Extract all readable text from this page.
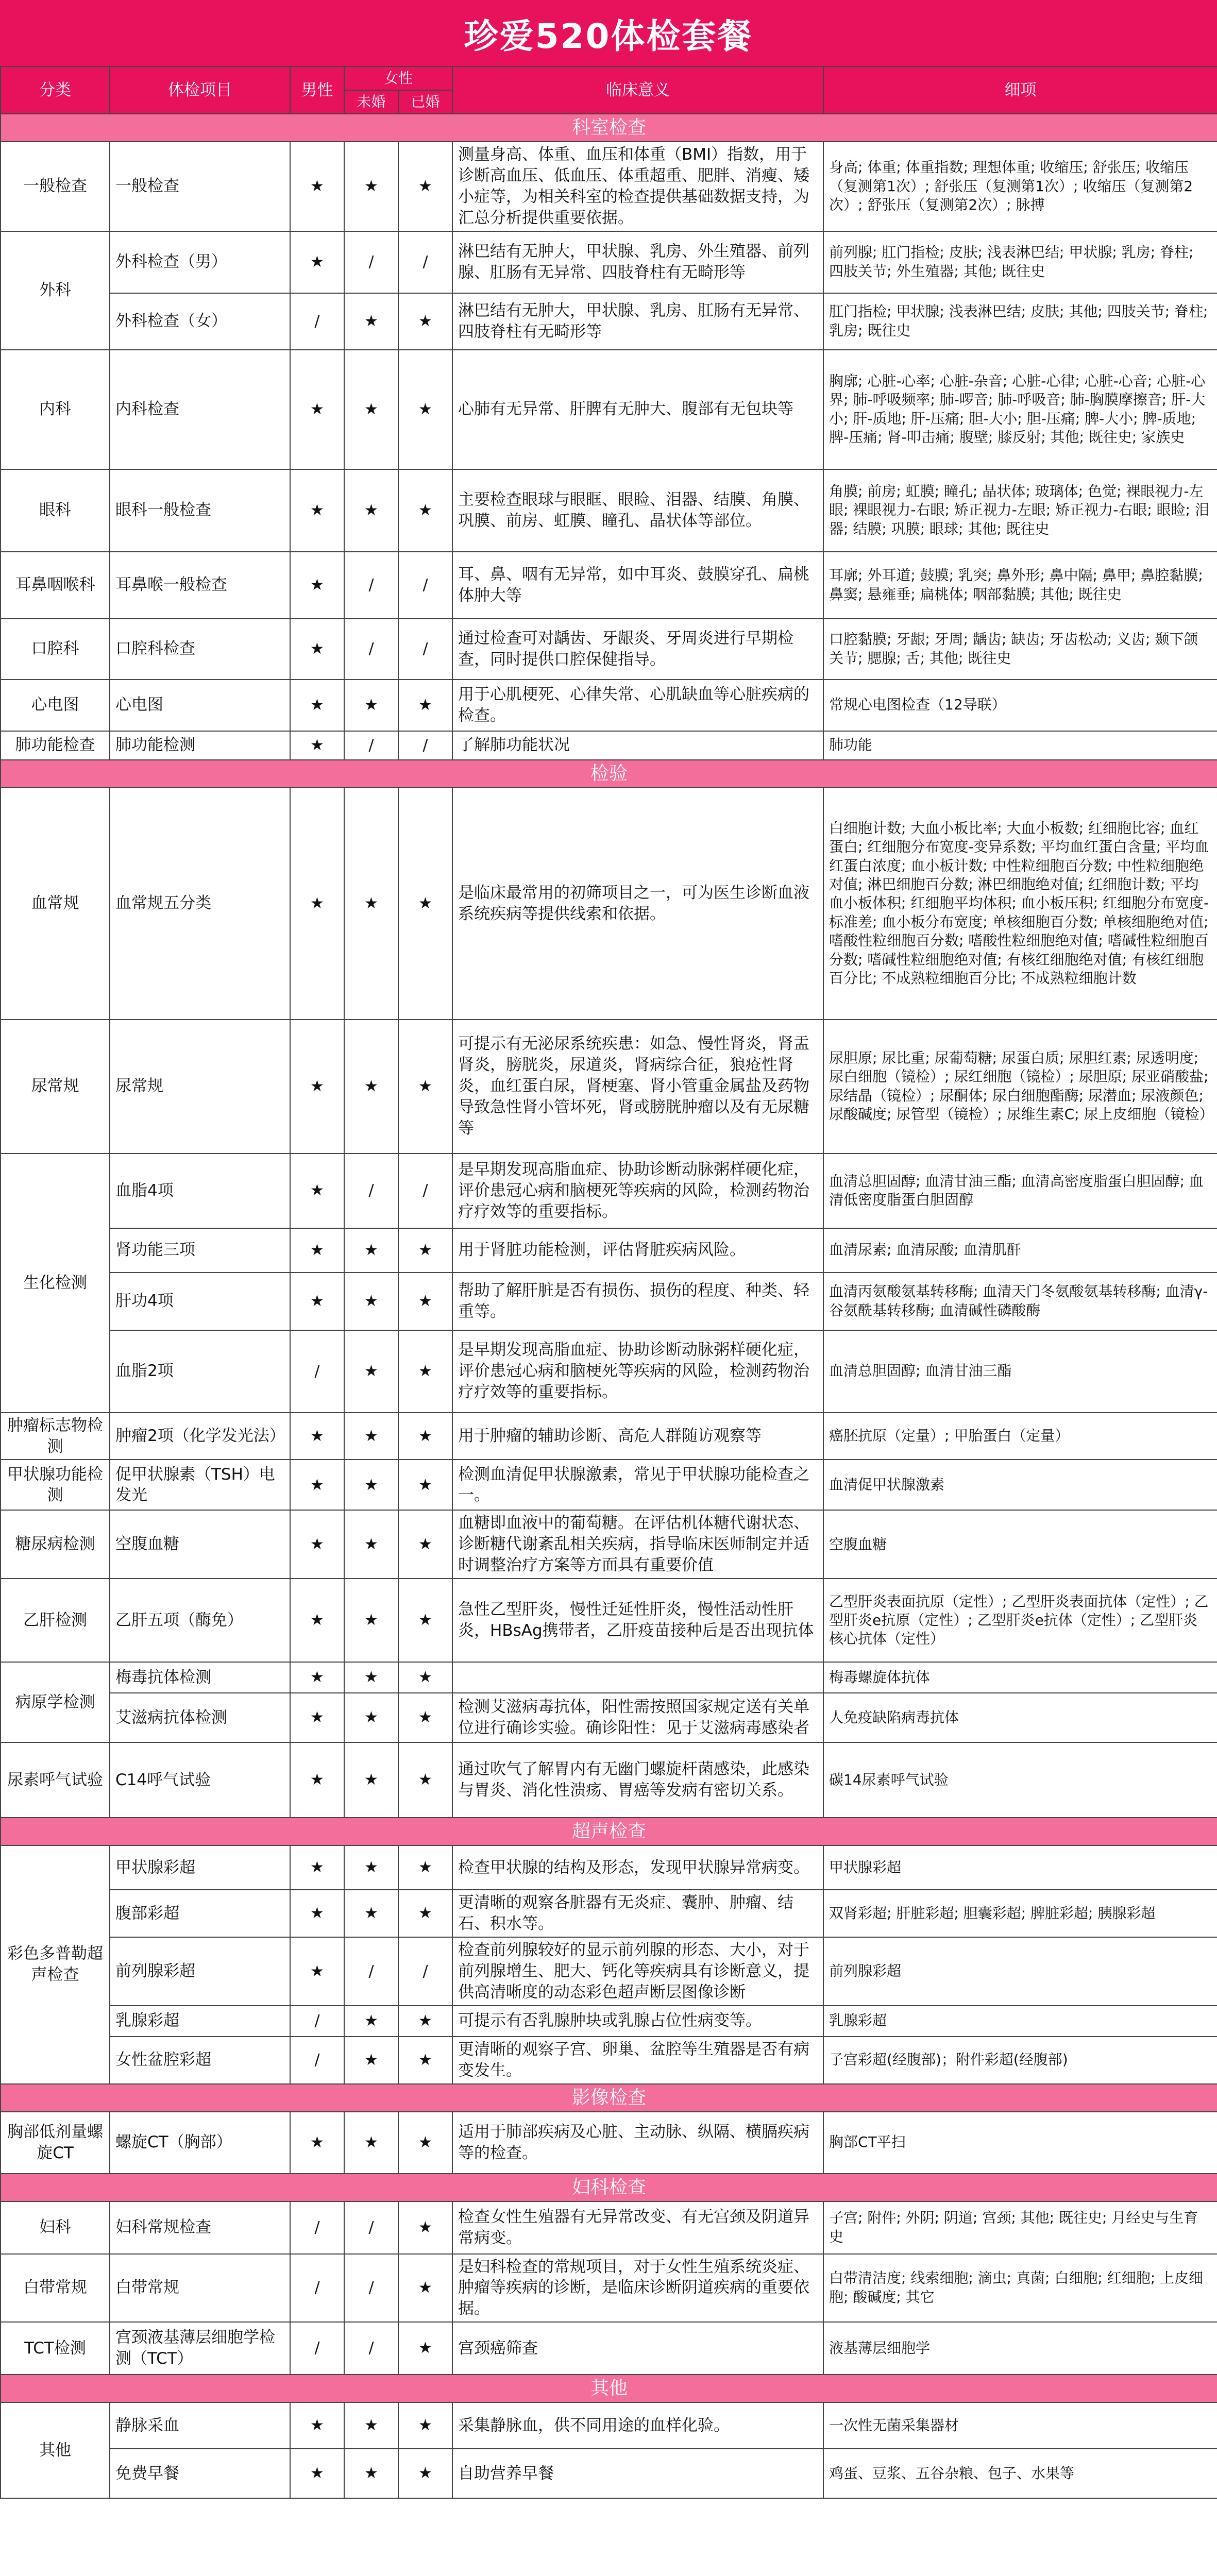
珍爱520体检套餐
分类	体检项目	男性	女性		临床意义	细项
			未婚	已婚		
科室检查						
一般检查	一般检查	★	★	★	测量身高、体重、血压和体重（BMI）指数，用于诊断高血压、低血压、体重超重、肥胖、消瘦、矮小症等，为相关科室的检查提供基础数据支持，为汇总分析提供重要依据。	身高; 体重; 体重指数; 理想体重; 收缩压; 舒张压; 收缩压（复测第1次）; 舒张压（复测第1次）; 收缩压（复测第2次）; 舒张压（复测第2次）; 脉搏
外科	外科检查（男）	★	/	/	淋巴结有无肿大，甲状腺、乳房、外生殖器、前列腺、肛肠有无异常、四肢脊柱有无畸形等	前列腺; 肛门指检; 皮肤; 浅表淋巴结; 甲状腺; 乳房; 脊柱; 四肢关节; 外生殖器; 其他; 既往史
	外科检查（女）	/	★	★	淋巴结有无肿大，甲状腺、乳房、肛肠有无异常、四肢脊柱有无畸形等	肛门指检; 甲状腺; 浅表淋巴结; 皮肤; 其他; 四肢关节; 脊柱; 乳房; 既往史
内科	内科检查	★	★	★	心肺有无异常、肝脾有无肿大、腹部有无包块等	胸廓; 心脏-心率; 心脏-杂音; 心脏-心律; 心脏-心音; 心脏-心界; 肺-呼吸频率; 肺-啰音; 肺-呼吸音; 肺-胸膜摩擦音; 肝-大小; 肝-质地; 肝-压痛; 胆-大小; 胆-压痛; 脾-大小; 脾-质地; 脾-压痛; 肾-叩击痛; 腹壁; 膝反射; 其他; 既往史; 家族史
眼科	眼科一般检查	★	★	★	主要检查眼球与眼眶、眼睑、泪器、结膜、角膜、巩膜、前房、虹膜、瞳孔、晶状体等部位。	角膜; 前房; 虹膜; 瞳孔; 晶状体; 玻璃体; 色觉; 裸眼视力-左眼; 裸眼视力-右眼; 矫正视力-左眼; 矫正视力-右眼; 眼睑; 泪器; 结膜; 巩膜; 眼球; 其他; 既往史
耳鼻咽喉科	耳鼻喉一般检查	★	/	/	耳、鼻、咽有无异常，如中耳炎、鼓膜穿孔、扁桃体肿大等	耳廓; 外耳道; 鼓膜; 乳突; 鼻外形; 鼻中隔; 鼻甲; 鼻腔黏膜; 鼻窦; 悬雍垂; 扁桃体; 咽部黏膜; 其他; 既往史
口腔科	口腔科检查	★	/	/	通过检查可对龋齿、牙龈炎、牙周炎进行早期检查，同时提供口腔保健指导。	口腔黏膜; 牙龈; 牙周; 龋齿; 缺齿; 牙齿松动; 义齿; 颞下颌关节; 腮腺; 舌; 其他; 既往史
心电图	心电图	★	★	★	用于心肌梗死、心律失常、心肌缺血等心脏疾病的检查。	常规心电图检查（12导联）
肺功能检查	肺功能检测	★	/	/	了解肺功能状况	肺功能
检验						
血常规	血常规五分类	★	★	★	是临床最常用的初筛项目之一，可为医生诊断血液系统疾病等提供线索和依据。	白细胞计数; 大血小板比率; 大血小板数; 红细胞比容; 血红蛋白; 红细胞分布宽度-变异系数; 平均血红蛋白含量; 平均血红蛋白浓度; 血小板计数; 中性粒细胞百分数; 中性粒细胞绝对值; 淋巴细胞百分数; 淋巴细胞绝对值; 红细胞计数; 平均血小板体积; 红细胞平均体积; 血小板压积; 红细胞分布宽度-标准差; 血小板分布宽度; 单核细胞百分数; 单核细胞绝对值; 嗜酸性粒细胞百分数; 嗜酸性粒细胞绝对值; 嗜碱性粒细胞百分数; 嗜碱性粒细胞绝对值; 有核红细胞绝对值; 有核红细胞百分比; 不成熟粒细胞百分比; 不成熟粒细胞计数
尿常规	尿常规	★	★	★	可提示有无泌尿系统疾患：如急、慢性肾炎，肾盂肾炎，膀胱炎，尿道炎，肾病综合征，狼疮性肾炎，血红蛋白尿，肾梗塞、肾小管重金属盐及药物导致急性肾小管坏死，肾或膀胱肿瘤以及有无尿糖等	尿胆原; 尿比重; 尿葡萄糖; 尿蛋白质; 尿胆红素; 尿透明度; 尿白细胞（镜检）; 尿红细胞（镜检）; 尿胆原; 尿亚硝酸盐; 尿结晶（镜检）; 尿酮体; 尿白细胞酯酶; 尿潜血; 尿液颜色; 尿酸碱度; 尿管型（镜检）; 尿维生素C; 尿上皮细胞（镜检）
生化检测	血脂4项	★	/	/	是早期发现高脂血症、协助诊断动脉粥样硬化症，评价患冠心病和脑梗死等疾病的风险，检测药物治疗疗效等的重要指标。	血清总胆固醇; 血清甘油三酯; 血清高密度脂蛋白胆固醇; 血清低密度脂蛋白胆固醇
	肾功能三项	★	★	★	用于肾脏功能检测，评估肾脏疾病风险。	血清尿素; 血清尿酸; 血清肌酐
	肝功4项	★	★	★	帮助了解肝脏是否有损伤、损伤的程度、种类、轻重等。	血清丙氨酸氨基转移酶; 血清天门冬氨酸氨基转移酶; 血清γ-谷氨酰基转移酶; 血清碱性磷酸酶
	血脂2项	/	★	★	是早期发现高脂血症、协助诊断动脉粥样硬化症，评价患冠心病和脑梗死等疾病的风险，检测药物治疗疗效等的重要指标。	血清总胆固醇; 血清甘油三酯
肿瘤标志物检测	肿瘤2项（化学发光法）	★	★	★	用于肿瘤的辅助诊断、高危人群随访观察等	癌胚抗原（定量）; 甲胎蛋白（定量）
甲状腺功能检测	促甲状腺素（TSH）电发光	★	★	★	检测血清促甲状腺激素，常见于甲状腺功能检查之一。	血清促甲状腺激素
糖尿病检测	空腹血糖	★	★	★	血糖即血液中的葡萄糖。在评估机体糖代谢状态、诊断糖代谢紊乱相关疾病，指导临床医师制定并适时调整治疗方案等方面具有重要价值	空腹血糖
乙肝检测	乙肝五项（酶免）	★	★	★	急性乙型肝炎，慢性迁延性肝炎，慢性活动性肝炎，HBsAg携带者，乙肝疫苗接种后是否出现抗体	乙型肝炎表面抗原（定性）; 乙型肝炎表面抗体（定性）; 乙型肝炎e抗原（定性）; 乙型肝炎e抗体（定性）; 乙型肝炎核心抗体（定性）
病原学检测	梅毒抗体检测	★	★	★		梅毒螺旋体抗体
	艾滋病抗体检测	★	★	★	检测艾滋病毒抗体，阳性需按照国家规定送有关单位进行确诊实验。确诊阳性：见于艾滋病毒感染者	人免疫缺陷病毒抗体
尿素呼气试验	C14呼气试验	★	★	★	通过吹气了解胃内有无幽门螺旋杆菌感染，此感染与胃炎、消化性溃疡、胃癌等发病有密切关系。	碳14尿素呼气试验
超声检查						
彩色多普勒超声检查	甲状腺彩超	★	★	★	检查甲状腺的结构及形态，发现甲状腺异常病变。	甲状腺彩超
	腹部彩超	★	★	★	更清晰的观察各脏器有无炎症、囊肿、肿瘤、结石、积水等。	双肾彩超; 肝脏彩超; 胆囊彩超; 脾脏彩超; 胰腺彩超
	前列腺彩超	★	/	/	检查前列腺较好的显示前列腺的形态、大小，对于前列腺增生、肥大、钙化等疾病具有诊断意义，提供高清晰度的动态彩色超声断层图像诊断	前列腺彩超
	乳腺彩超	/	★	★	可提示有否乳腺肿块或乳腺占位性病变等。	乳腺彩超
	女性盆腔彩超	/	★	★	更清晰的观察子宫、卵巢、盆腔等生殖器是否有病变发生。	子宫彩超(经腹部)；附件彩超(经腹部)
影像检查						
胸部低剂量螺旋CT	螺旋CT（胸部）	★	★	★	适用于肺部疾病及心脏、主动脉、纵隔、横膈疾病等的检查。	胸部CT平扫
妇科检查						
妇科	妇科常规检查	/	/	★	检查女性生殖器有无异常改变、有无宫颈及阴道异常病变。	子宫; 附件; 外阴; 阴道; 宫颈; 其他; 既往史; 月经史与生育史
白带常规	白带常规	/	/	★	是妇科检查的常规项目，对于女性生殖系统炎症、肿瘤等疾病的诊断，是临床诊断阴道疾病的重要依据。	白带清洁度; 线索细胞; 滴虫; 真菌; 白细胞; 红细胞; 上皮细胞; 酸碱度; 其它
TCT检测	宫颈液基薄层细胞学检测（TCT）	/	/	★	宫颈癌筛查	液基薄层细胞学
其他						
其他	静脉采血	★	★	★	采集静脉血，供不同用途的血样化验。	一次性无菌采集器材
	免费早餐	★	★	★	自助营养早餐	鸡蛋、豆浆、五谷杂粮、包子、水果等
